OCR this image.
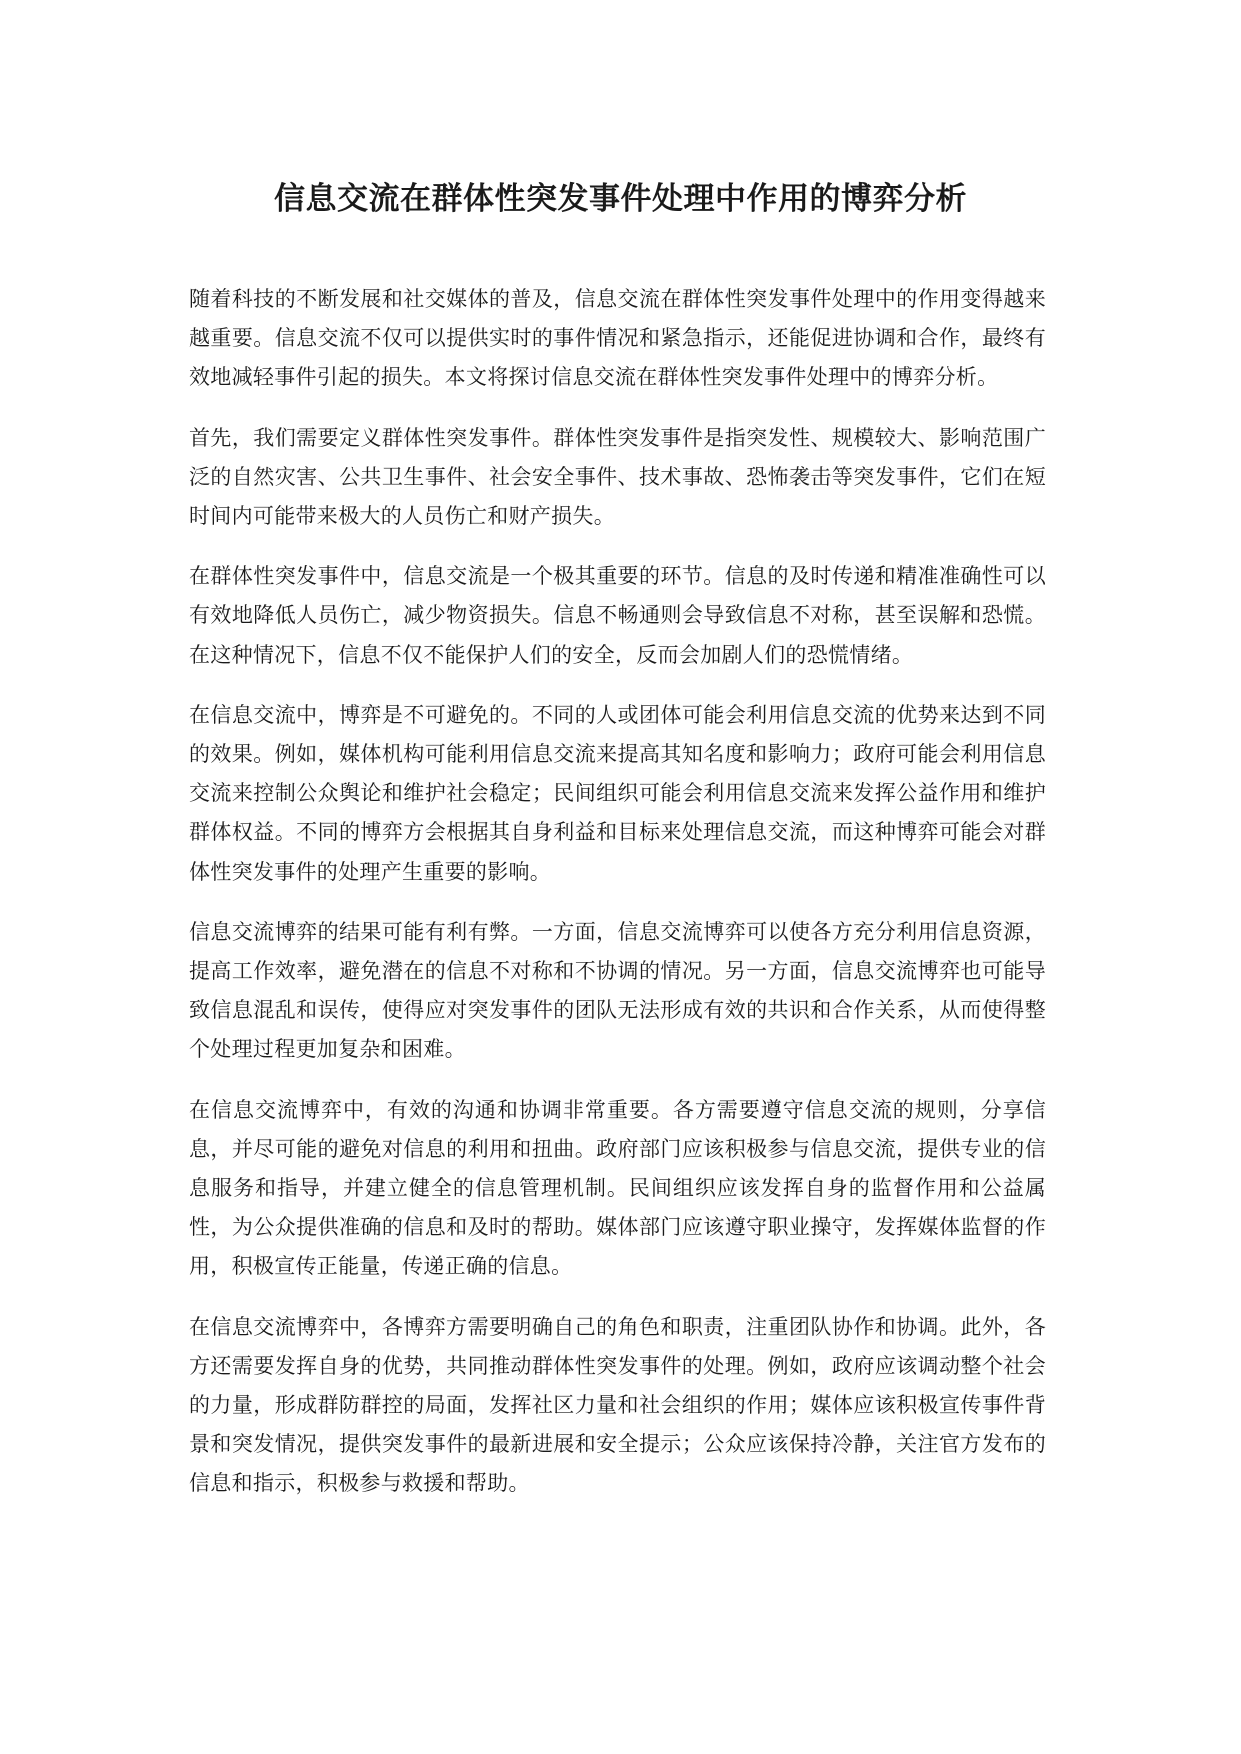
信息交流在群体性突发事件处理中作用的博弈分析

随着科技的不断发展和社交媒体的普及，信息交流在群体性突发事件处理中的作用变得越来越重要。信息交流不仅可以提供实时的事件情况和紧急指示，还能促进协调和合作，最终有效地减轻事件引起的损失。本文将探讨信息交流在群体性突发事件处理中的博弈分析。

首先，我们需要定义群体性突发事件。群体性突发事件是指突发性、规模较大、影响范围广泛的自然灾害、公共卫生事件、社会安全事件、技术事故、恐怖袭击等突发事件，它们在短时间内可能带来极大的人员伤亡和财产损失。

在群体性突发事件中，信息交流是一个极其重要的环节。信息的及时传递和精准准确性可以有效地降低人员伤亡，减少物资损失。信息不畅通则会导致信息不对称，甚至误解和恐慌。在这种情况下，信息不仅不能保护人们的安全，反而会加剧人们的恐慌情绪。

在信息交流中，博弈是不可避免的。不同的人或团体可能会利用信息交流的优势来达到不同的效果。例如，媒体机构可能利用信息交流来提高其知名度和影响力；政府可能会利用信息交流来控制公众舆论和维护社会稳定；民间组织可能会利用信息交流来发挥公益作用和维护群体权益。不同的博弈方会根据其自身利益和目标来处理信息交流，而这种博弈可能会对群体性突发事件的处理产生重要的影响。

信息交流博弈的结果可能有利有弊。一方面，信息交流博弈可以使各方充分利用信息资源，提高工作效率，避免潜在的信息不对称和不协调的情况。另一方面，信息交流博弈也可能导致信息混乱和误传，使得应对突发事件的团队无法形成有效的共识和合作关系，从而使得整个处理过程更加复杂和困难。

在信息交流博弈中，有效的沟通和协调非常重要。各方需要遵守信息交流的规则，分享信息，并尽可能的避免对信息的利用和扭曲。政府部门应该积极参与信息交流，提供专业的信息服务和指导，并建立健全的信息管理机制。民间组织应该发挥自身的监督作用和公益属性，为公众提供准确的信息和及时的帮助。媒体部门应该遵守职业操守，发挥媒体监督的作用，积极宣传正能量，传递正确的信息。

在信息交流博弈中，各博弈方需要明确自己的角色和职责，注重团队协作和协调。此外，各方还需要发挥自身的优势，共同推动群体性突发事件的处理。例如，政府应该调动整个社会的力量，形成群防群控的局面，发挥社区力量和社会组织的作用；媒体应该积极宣传事件背景和突发情况，提供突发事件的最新进展和安全提示；公众应该保持冷静，关注官方发布的信息和指示，积极参与救援和帮助。
